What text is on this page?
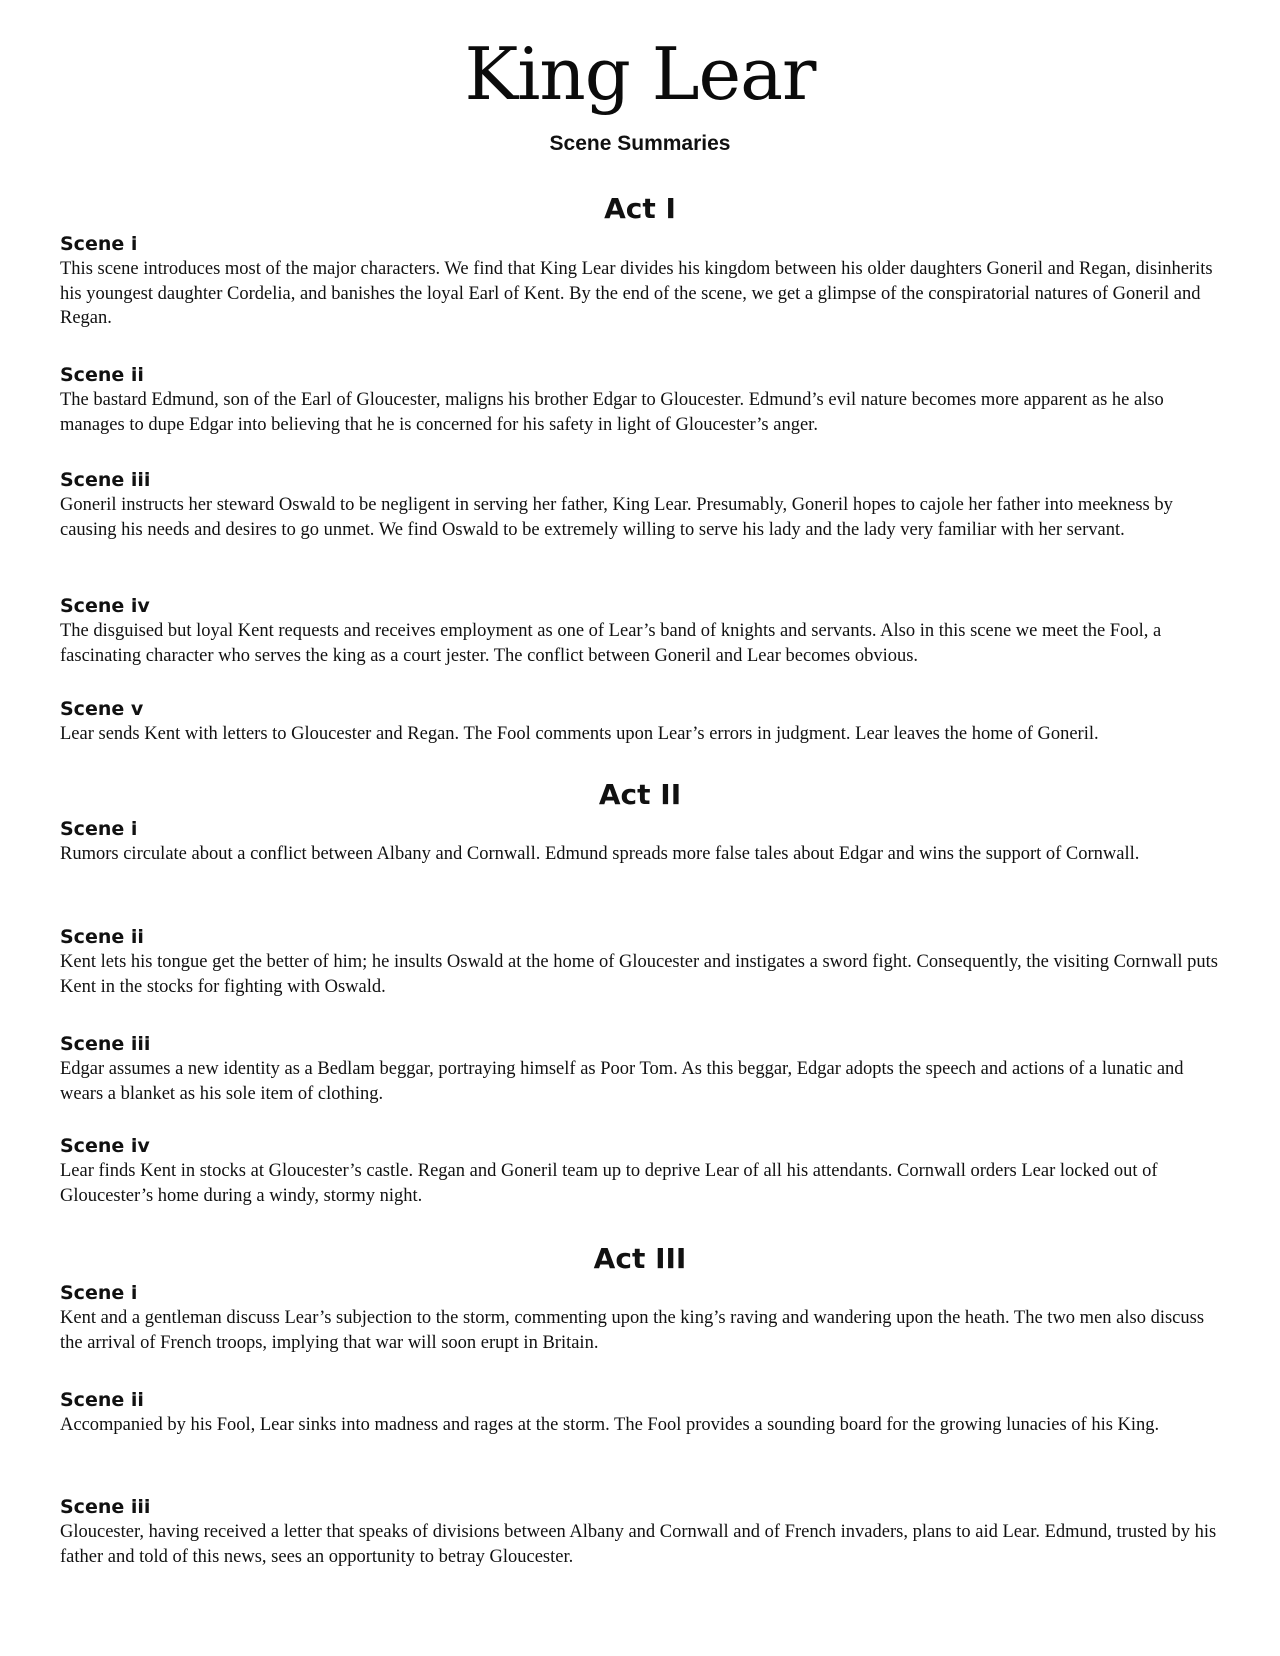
King Lear
Scene Summaries
Act I
Scene i
This scene introduces most of the major characters. We find that King Lear divides his kingdom between his older daughters Goneril and Regan, disinherits his youngest daughter Cordelia, and banishes the loyal Earl of Kent. By the end of the scene, we get a glimpse of the conspiratorial natures of Goneril and Regan.
Scene ii
The bastard Edmund, son of the Earl of Gloucester, maligns his brother Edgar to Gloucester. Edmund’s evil nature becomes more apparent as he also manages to dupe Edgar into believing that he is concerned for his safety in light of Gloucester’s anger.
Scene iii
Goneril instructs her steward Oswald to be negligent in serving her father, King Lear. Presumably, Goneril hopes to cajole her father into meekness by causing his needs and desires to go unmet. We find Oswald to be extremely willing to serve his lady and the lady very familiar with her servant.
Scene iv
The disguised but loyal Kent requests and receives employment as one of Lear’s band of knights and servants. Also in this scene we meet the Fool, a fascinating character who serves the king as a court jester. The conflict between Goneril and Lear becomes obvious.
Scene v
Lear sends Kent with letters to Gloucester and Regan. The Fool comments upon Lear’s errors in judgment. Lear leaves the home of Goneril.
Act II
Scene i
Rumors circulate about a conflict between Albany and Cornwall. Edmund spreads more false tales about Edgar and wins the support of Cornwall.
Scene ii
Kent lets his tongue get the better of him; he insults Oswald at the home of Gloucester and instigates a sword fight. Consequently, the visiting Cornwall puts Kent in the stocks for fighting with Oswald.
Scene iii
Edgar assumes a new identity as a Bedlam beggar, portraying himself as Poor Tom. As this beggar, Edgar adopts the speech and actions of a lunatic and wears a blanket as his sole item of clothing.
Scene iv
Lear finds Kent in stocks at Gloucester’s castle. Regan and Goneril team up to deprive Lear of all his attendants. Cornwall orders Lear locked out of Gloucester’s home during a windy, stormy night.
Act III
Scene i
Kent and a gentleman discuss Lear’s subjection to the storm, commenting upon the king’s raving and wandering upon the heath. The two men also discuss the arrival of French troops, implying that war will soon erupt in Britain.
Scene ii
Accompanied by his Fool, Lear sinks into madness and rages at the storm. The Fool provides a sounding board for the growing lunacies of his King.
Scene iii
Gloucester, having received a letter that speaks of divisions between Albany and Cornwall and of French invaders, plans to aid Lear. Edmund, trusted by his father and told of this news, sees an opportunity to betray Gloucester.
